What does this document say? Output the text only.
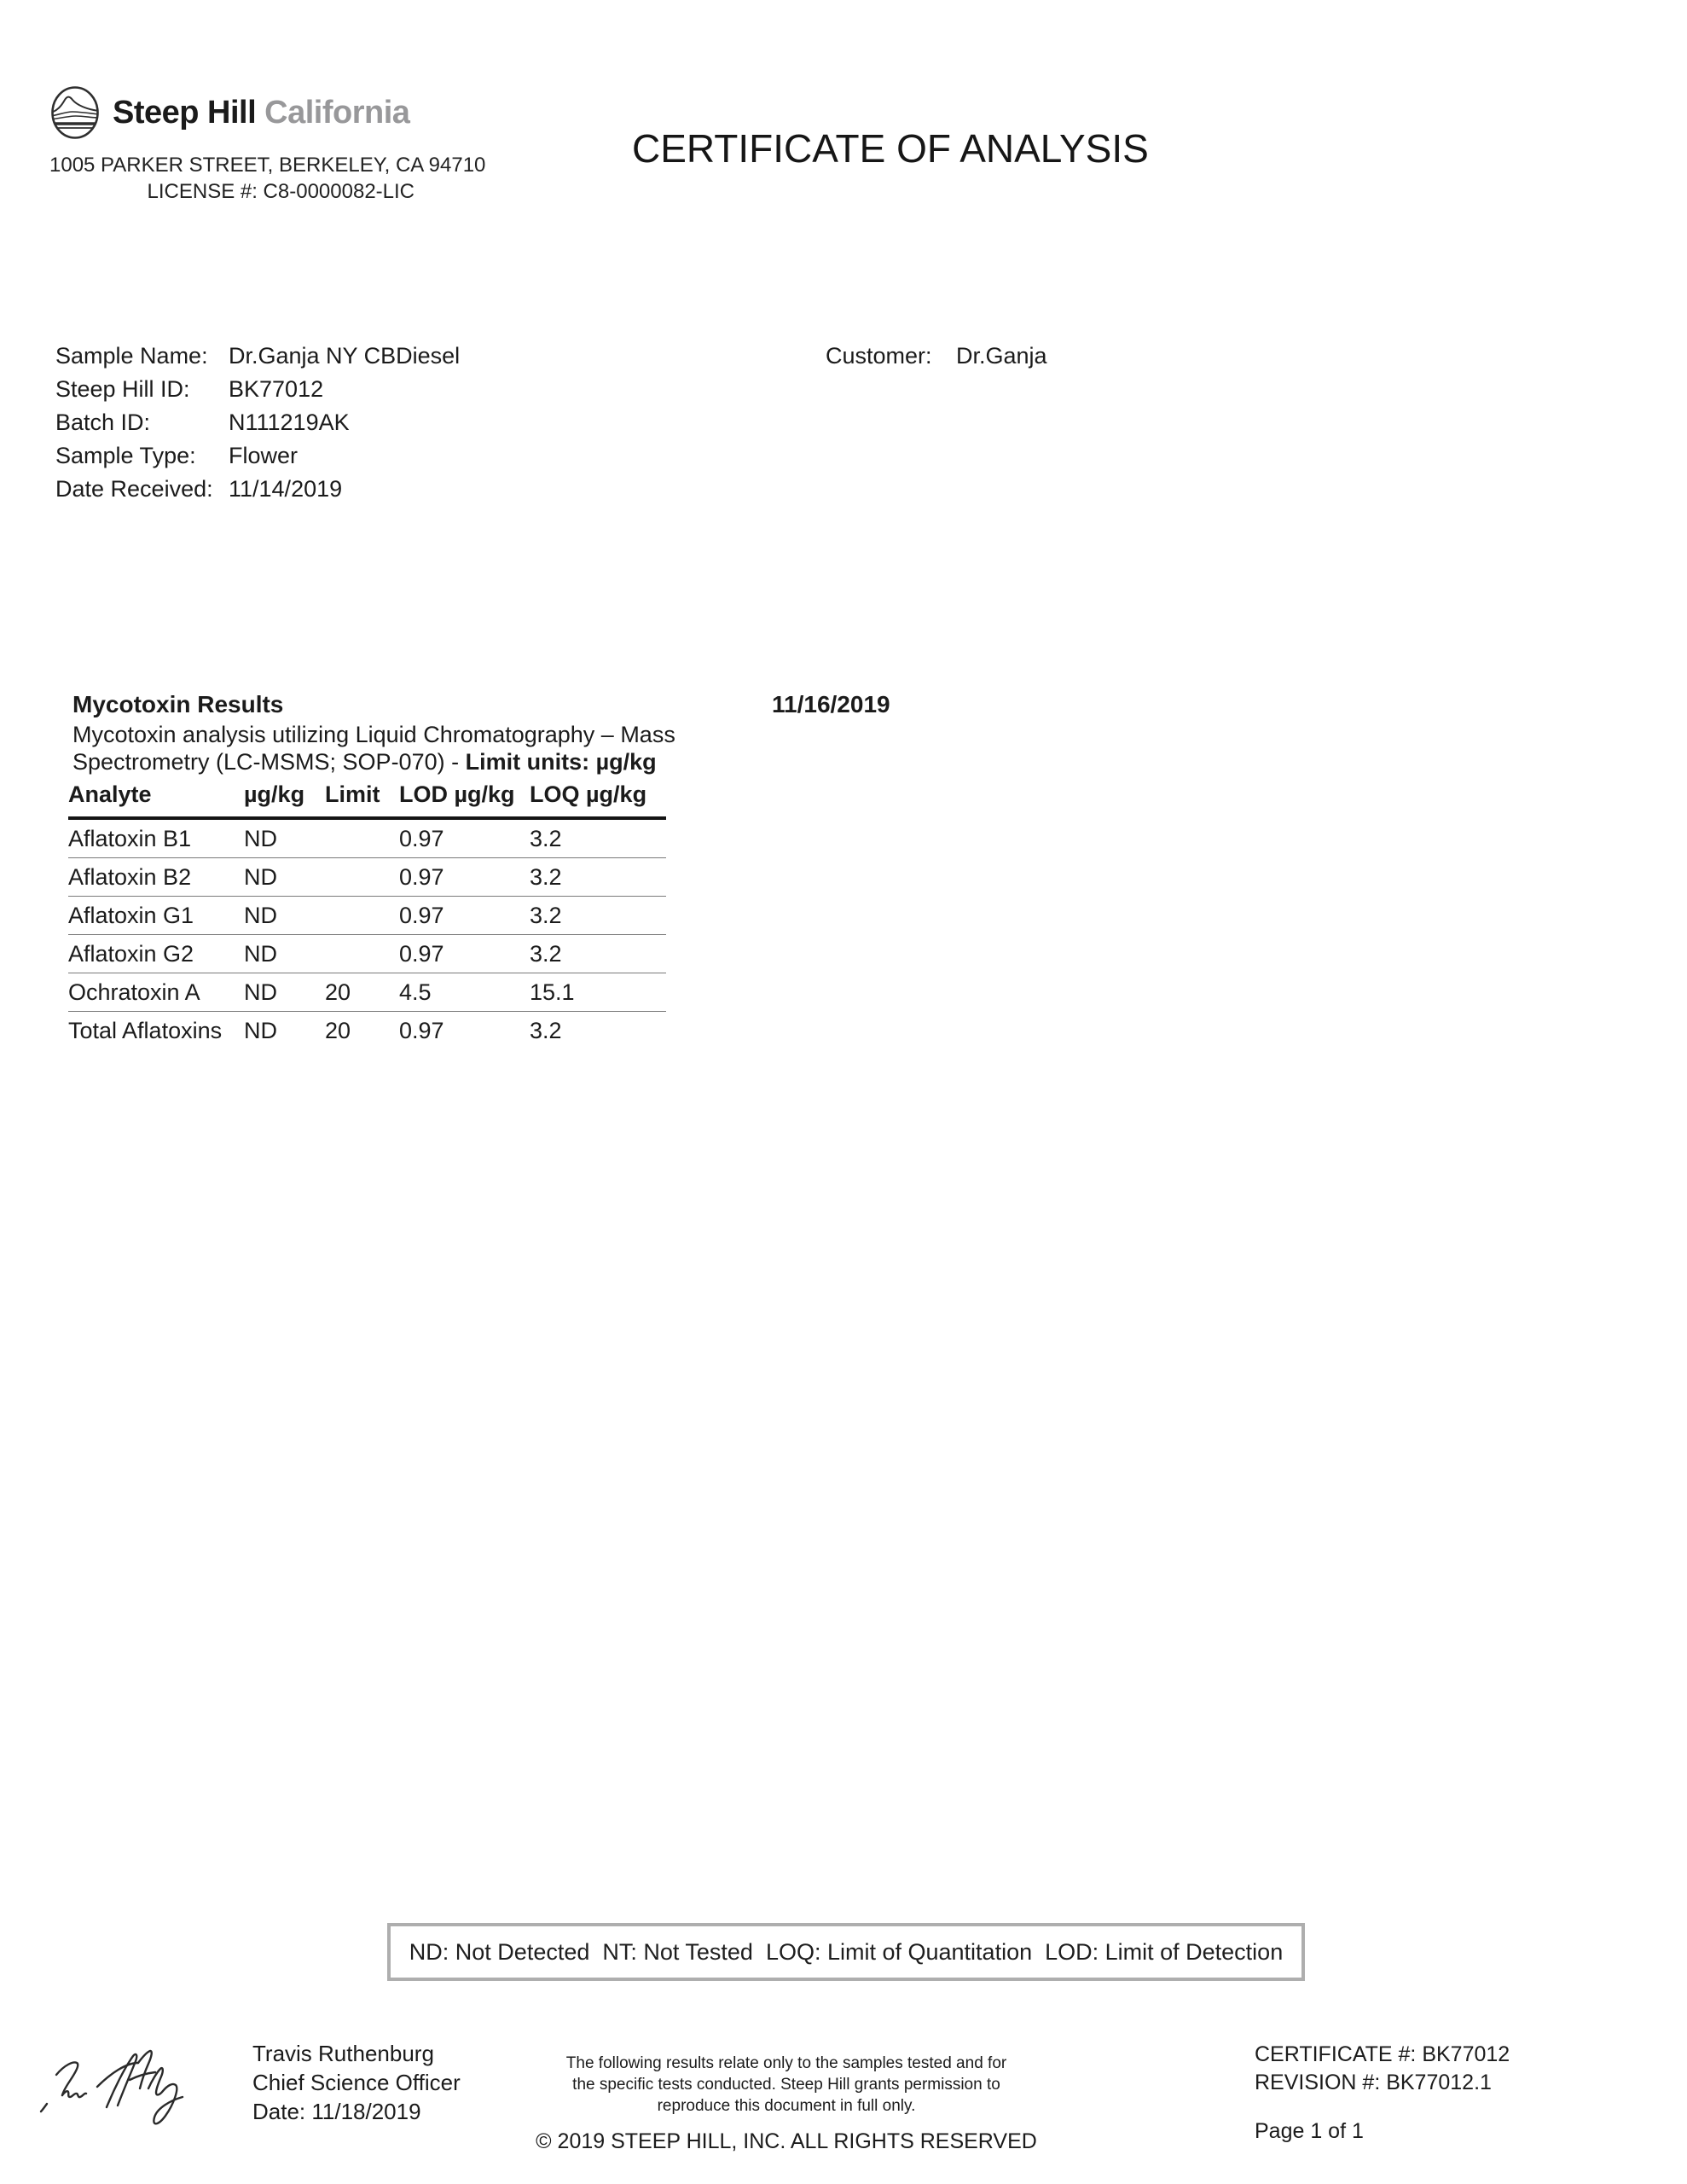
Steep Hill California
1005 PARKER STREET, BERKELEY, CA 94710
LICENSE #: C8-0000082-LIC
CERTIFICATE OF ANALYSIS
Sample Name: Dr.Ganja NY CBDiesel
Steep Hill ID:	BK77012
Batch ID:	N111219AK
Sample Type:	Flower
Date Received: 11/14/2019
Customer:	Dr.Ganja
Mycotoxin Results	11/16/2019
Mycotoxin analysis utilizing Liquid Chromatography – Mass
Spectrometry (LC-MSMS; SOP-070) - Limit units: µg/kg
Analyte	µg/kg	Limit	LOD µg/kg	LOQ µg/kg
Aflatoxin B1	ND		0.97	3.2
Aflatoxin B2	ND		0.97	3.2
Aflatoxin G1	ND		0.97	3.2
Aflatoxin G2	ND		0.97	3.2
Ochratoxin A	ND	20	4.5	15.1
Total Aflatoxins	ND	20	0.97	3.2
ND: Not Detected  NT: Not Tested  LOQ: Limit of Quantitation  LOD: Limit of Detection
Travis Ruthenburg
Chief Science Officer
Date: 11/18/2019
The following results relate only to the samples tested and for
the specific tests conducted. Steep Hill grants permission to
reproduce this document in full only.
© 2019 STEEP HILL, INC. ALL RIGHTS RESERVED
CERTIFICATE #: BK77012
REVISION #: BK77012.1
Page 1 of 1
